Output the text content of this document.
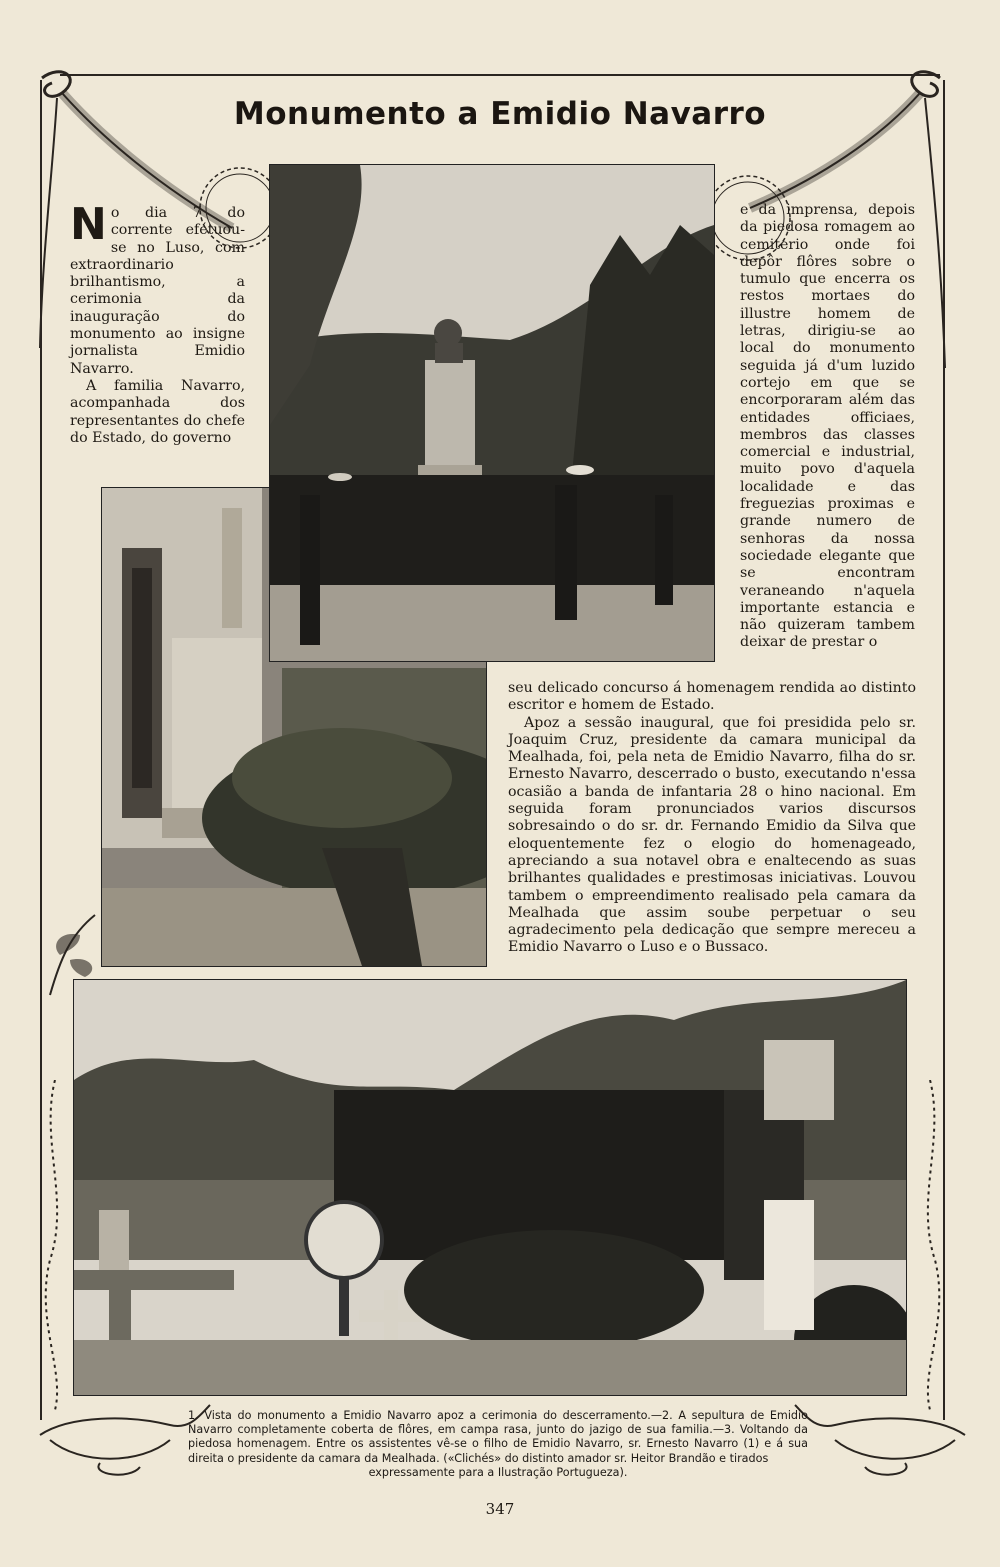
Monumento a Emidio Navarro

N o dia 7 do corrente efétuou-se no Luso, com extraordinario brilhantismo, a cerimonia da inauguração do monumento ao insigne jornalista Emidio Navarro.

A familia Navarro, acompanhada dos representantes do chefe do Estado, do governo

e da imprensa, depois da piedosa romagem ao cemiterio onde foi depôr flôres sobre o tumulo que encerra os restos mortaes do illustre homem de letras, dirigiu-se ao local do monumento seguida já d'um luzido cortejo em que se encorporaram além das entidades officiaes, membros das classes comercial e industrial, muito povo d'aquela localidade e das freguezias proximas e grande numero de senhoras da nossa sociedade elegante que se encontram veraneando n'aquela importante estancia e não quizeram tambem deixar de prestar o

seu delicado concurso á homenagem rendida ao distinto escritor e homem de Estado.

Apoz a sessão inaugural, que foi presidida pelo sr. Joaquim Cruz, presidente da camara municipal da Mealhada, foi, pela neta de Emidio Navarro, filha do sr. Ernesto Navarro, descerrado o busto, executando n'essa ocasião a banda de infantaria 28 o hino nacional. Em seguida foram pronunciados varios discursos sobresaindo o do sr. dr. Fernando Emidio da Silva que eloquentemente fez o elogio do homenageado, apreciando a sua notavel obra e enaltecendo as suas brilhantes qualidades e prestimosas iniciativas. Louvou tambem o empreendimento realisado pela camara da Mealhada que assim soube perpetuar o seu agradecimento pela dedicação que sempre mereceu a Emidio Navarro o Luso e o Bussaco.

1. Vista do monumento a Emidio Navarro apoz a cerimonia do descerramento.—2. A sepultura de Emidio Navarro completamente coberta de flôres, em campa rasa, junto do jazigo de sua familia.—3. Voltando da piedosa homenagem. Entre os assistentes vê-se o filho de Emidio Navarro, sr. Ernesto Navarro (1) e á sua direita o presidente da camara da Mealhada. («Clichés» do distinto amador sr. Heitor Brandão e tirados
expressamente para a Ilustração Portugueza).
347
